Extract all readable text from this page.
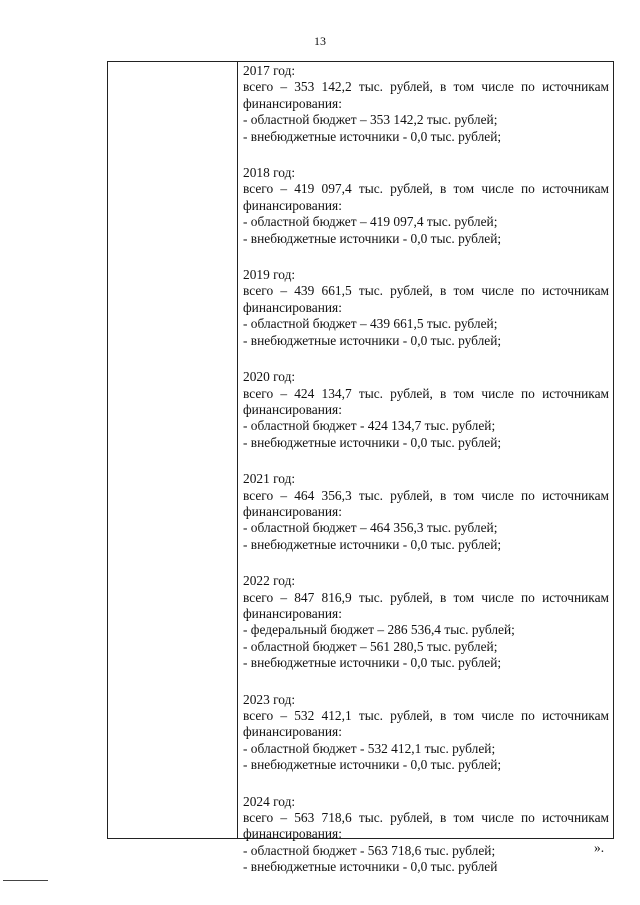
13
2017 год:
всего – 353 142,2 тыс. рублей, в том числе по источникам
финансирования:
- областной бюджет – 353 142,2 тыс. рублей;
- внебюджетные источники - 0,0 тыс. рублей;
2018 год:
всего – 419 097,4 тыс. рублей, в том числе по источникам
финансирования:
- областной бюджет – 419 097,4 тыс. рублей;
- внебюджетные источники - 0,0 тыс. рублей;
2019 год:
всего – 439 661,5 тыс. рублей, в том числе по источникам
финансирования:
- областной бюджет – 439 661,5 тыс. рублей;
- внебюджетные источники - 0,0 тыс. рублей;
2020 год:
всего – 424 134,7 тыс. рублей, в том числе по источникам
финансирования:
- областной бюджет - 424 134,7 тыс. рублей;
- внебюджетные источники - 0,0 тыс. рублей;
2021 год:
всего – 464 356,3 тыс. рублей, в том числе по источникам
финансирования:
- областной бюджет – 464 356,3 тыс. рублей;
- внебюджетные источники - 0,0 тыс. рублей;
2022 год:
всего – 847 816,9 тыс. рублей, в том числе по источникам
финансирования:
- федеральный бюджет – 286 536,4 тыс. рублей;
- областной бюджет – 561 280,5 тыс. рублей;
- внебюджетные источники - 0,0 тыс. рублей;
2023 год:
всего – 532 412,1 тыс. рублей, в том числе по источникам
финансирования:
- областной бюджет - 532 412,1 тыс. рублей;
- внебюджетные источники - 0,0 тыс. рублей;
2024 год:
всего – 563 718,6 тыс. рублей, в том числе по источникам
финансирования:
- областной бюджет - 563 718,6 тыс. рублей;
- внебюджетные источники - 0,0 тыс. рублей
».
